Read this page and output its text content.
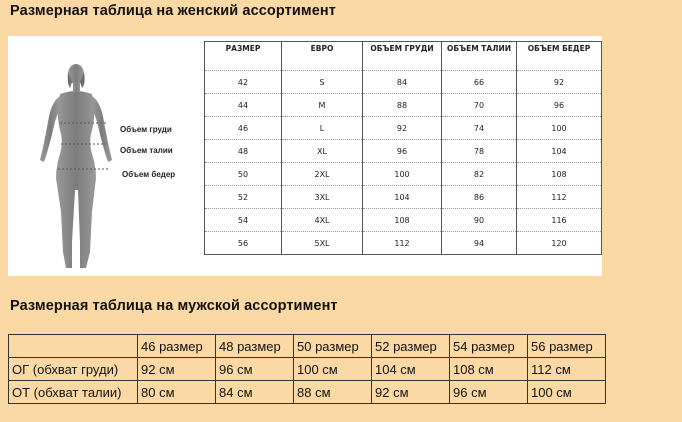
Размерная таблица на женский ассортимент
Объем груди
Объем талии
Объем бедер
РАЗМЕР	ЕВРО	ОБЪЕМ ГРУДИ	ОБЪЕМ ТАЛИИ	ОБЪЕМ БЕДЕР
42	S	84	66	92
44	M	88	70	96
46	L	92	74	100
48	XL	96	78	104
50	2XL	100	82	108
52	3XL	104	86	112
54	4XL	108	90	116
56	5XL	112	94	120
Размерная таблица на мужской ассортимент
	46 размер	48 размер	50 размер	52 размер	54 размер	56 размер
ОГ (обхват груди)	92 см	96 см	100 см	104 см	108 см	112 см
ОТ (обхват талии)	80 см	84 см	88 см	92 см	96 см	100 см
